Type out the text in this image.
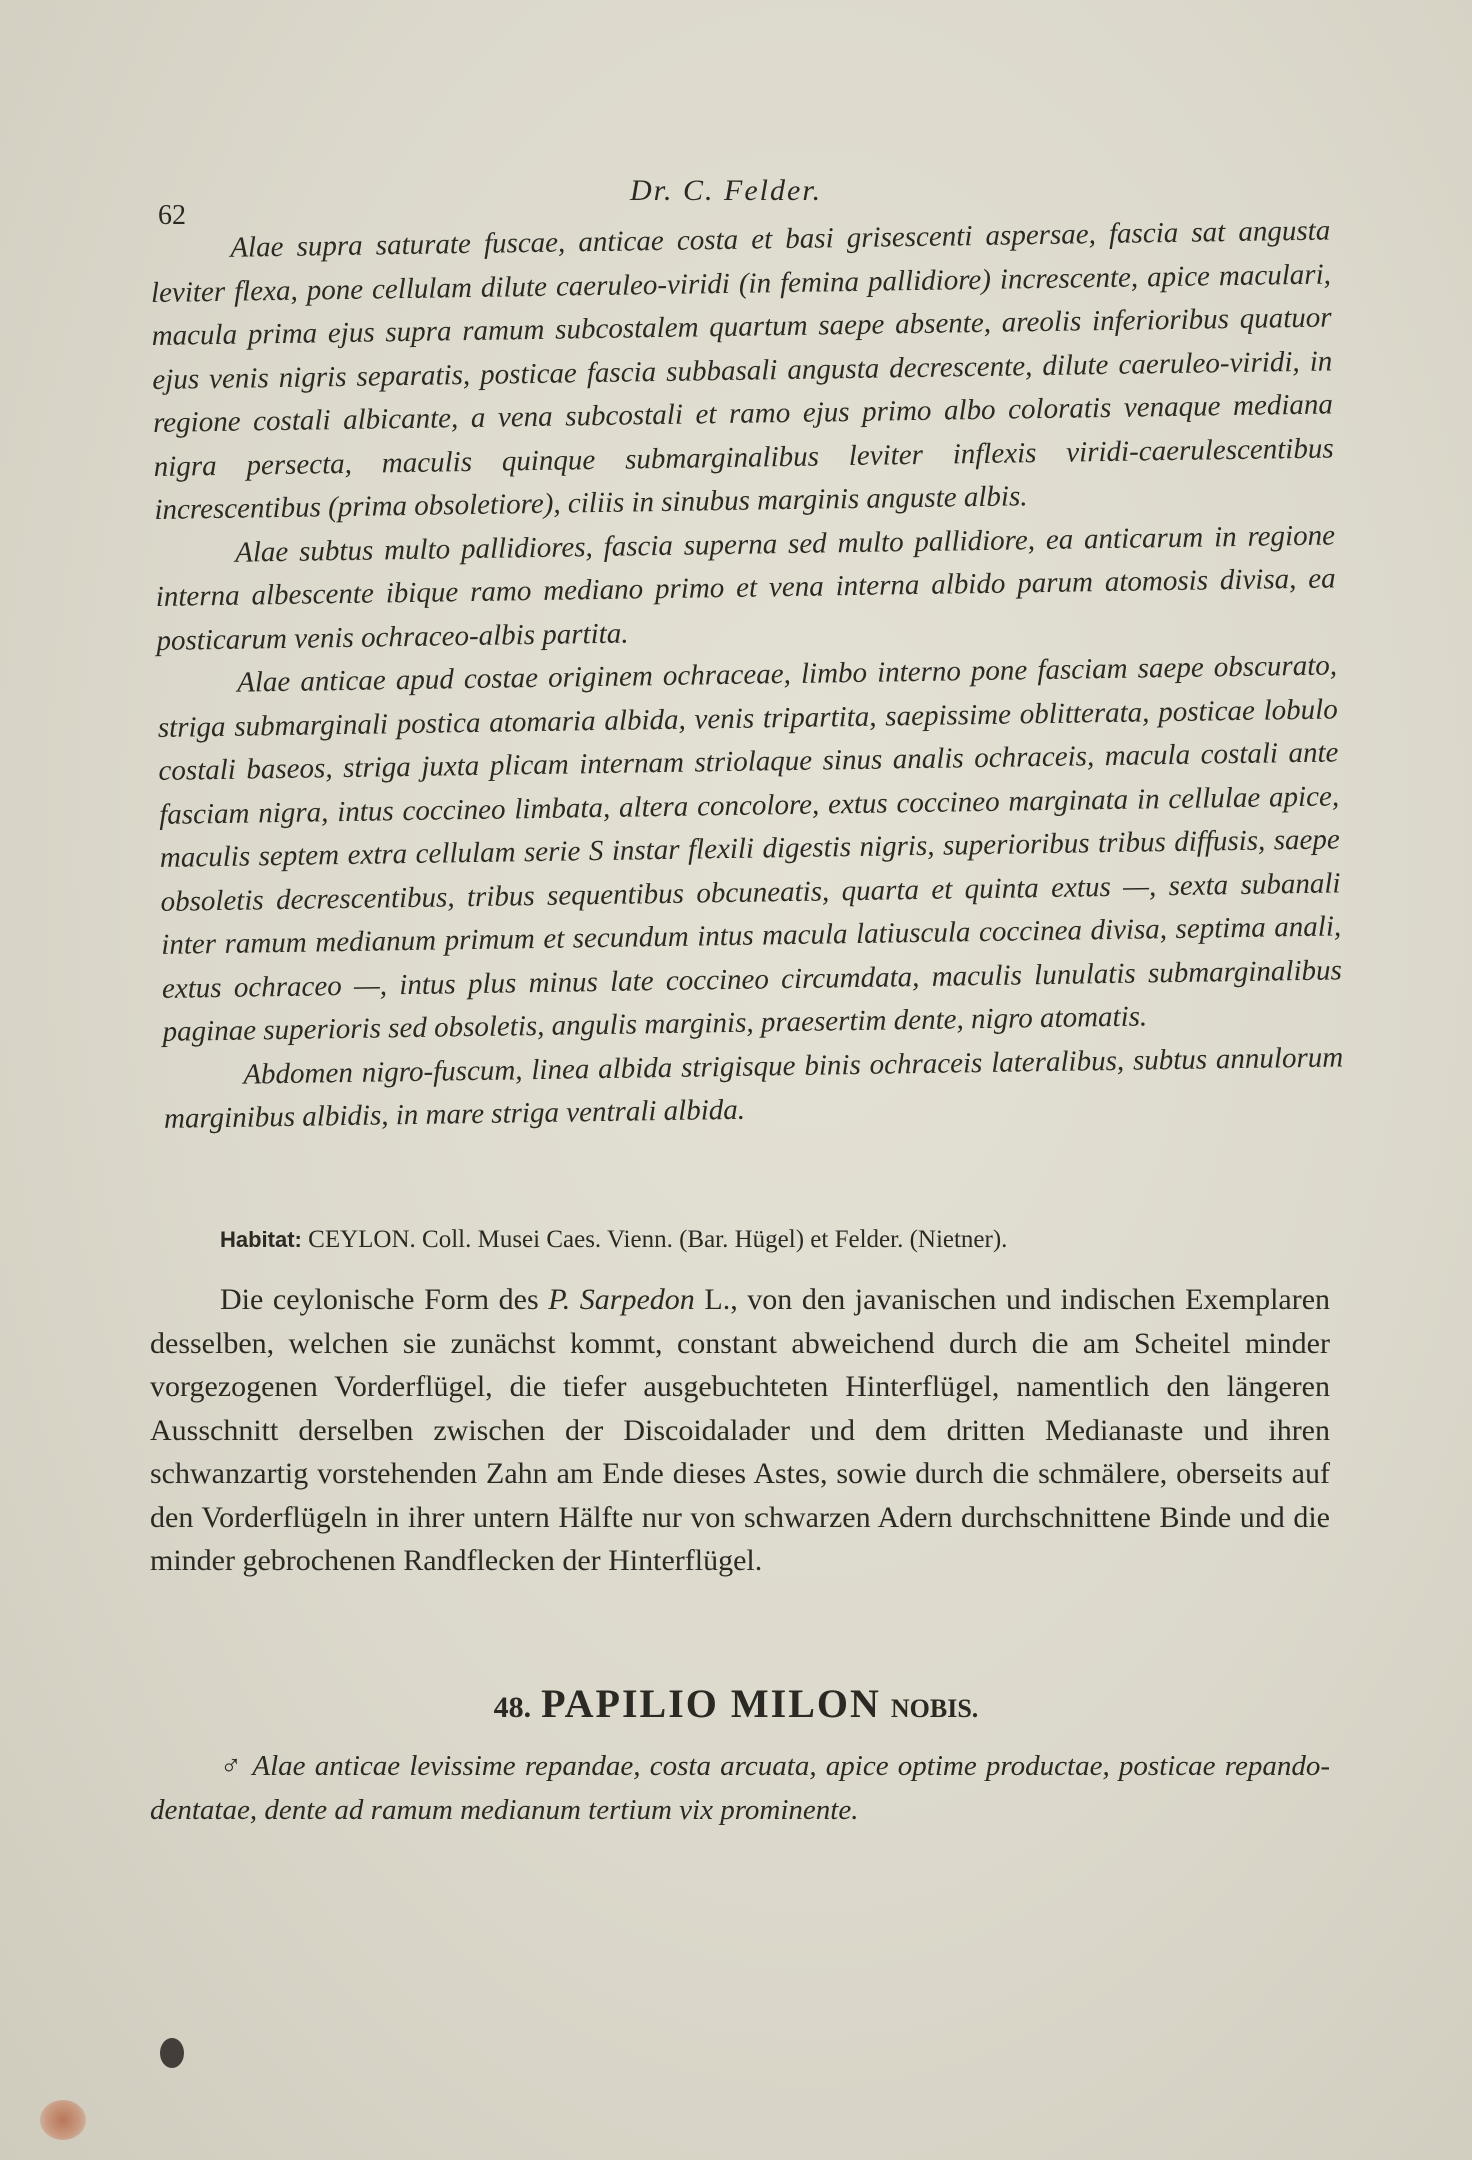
62
Dr. C. Felder.

Alae supra saturate fuscae, anticae costa et basi grisescenti aspersae, fascia sat angusta leviter flexa, pone cellulam dilute caeruleo-viridi (in femina pallidiore) increscente, apice maculari, macula prima ejus supra ramum subcostalem quartum saepe absente, areolis inferioribus quatuor ejus venis nigris separatis, posticae fascia subbasali angusta decrescente, dilute caeruleo-viridi, in regione costali albicante, a vena subcostali et ramo ejus primo albo coloratis venaque mediana nigra persecta, maculis quinque submarginalibus leviter inflexis viridi-caerulescentibus increscentibus (prima obsoletiore), ciliis in sinubus marginis anguste albis.

Alae subtus multo pallidiores, fascia superna sed multo pallidiore, ea anticarum in regione interna albescente ibique ramo mediano primo et vena interna albido parum atomosis divisa, ea posticarum venis ochraceo-albis partita.

Alae anticae apud costae originem ochraceae, limbo interno pone fasciam saepe obscurato, striga submarginali postica atomaria albida, venis tripartita, saepissime oblitterata, posticae lobulo costali baseos, striga juxta plicam internam striolaque sinus analis ochraceis, macula costali ante fasciam nigra, intus coccineo limbata, altera concolore, extus coccineo marginata in cellulae apice, maculis septem extra cellulam serie S instar flexili digestis nigris, superioribus tribus diffusis, saepe obsoletis decrescentibus, tribus sequentibus obcuneatis, quarta et quinta extus —, sexta subanali inter ramum medianum primum et secundum intus macula latiuscula coccinea divisa, septima anali, extus ochraceo —, intus plus minus late coccineo circumdata, maculis lunulatis submarginalibus paginae superioris sed obsoletis, angulis marginis, praesertim dente, nigro atomatis.

Abdomen nigro-fuscum, linea albida strigisque binis ochraceis lateralibus, subtus annulorum marginibus albidis, in mare striga ventrali albida.

Habitat: CEYLON. Coll. Musei Caes. Vienn. (Bar. Hügel) et Felder. (Nietner).
Die ceylonische Form des P. Sarpedon L., von den javanischen und indischen Exemplaren desselben, welchen sie zunächst kommt, constant abweichend durch die am Scheitel minder vorgezogenen Vorderflügel, die tiefer ausgebuchteten Hinterflügel, namentlich den längeren Ausschnitt derselben zwischen der Discoidalader und dem dritten Medianaste und ihren schwanzartig vorstehenden Zahn am Ende dieses Astes, sowie durch die schmälere, oberseits auf den Vorderflügeln in ihrer untern Hälfte nur von schwarzen Adern durchschnittene Binde und die minder gebrochenen Randflecken der Hinterflügel.
48. PAPILIO MILON NOBIS.
♂ Alae anticae levissime repandae, costa arcuata, apice optime productae, posticae repando-dentatae, dente ad ramum medianum tertium vix prominente.
